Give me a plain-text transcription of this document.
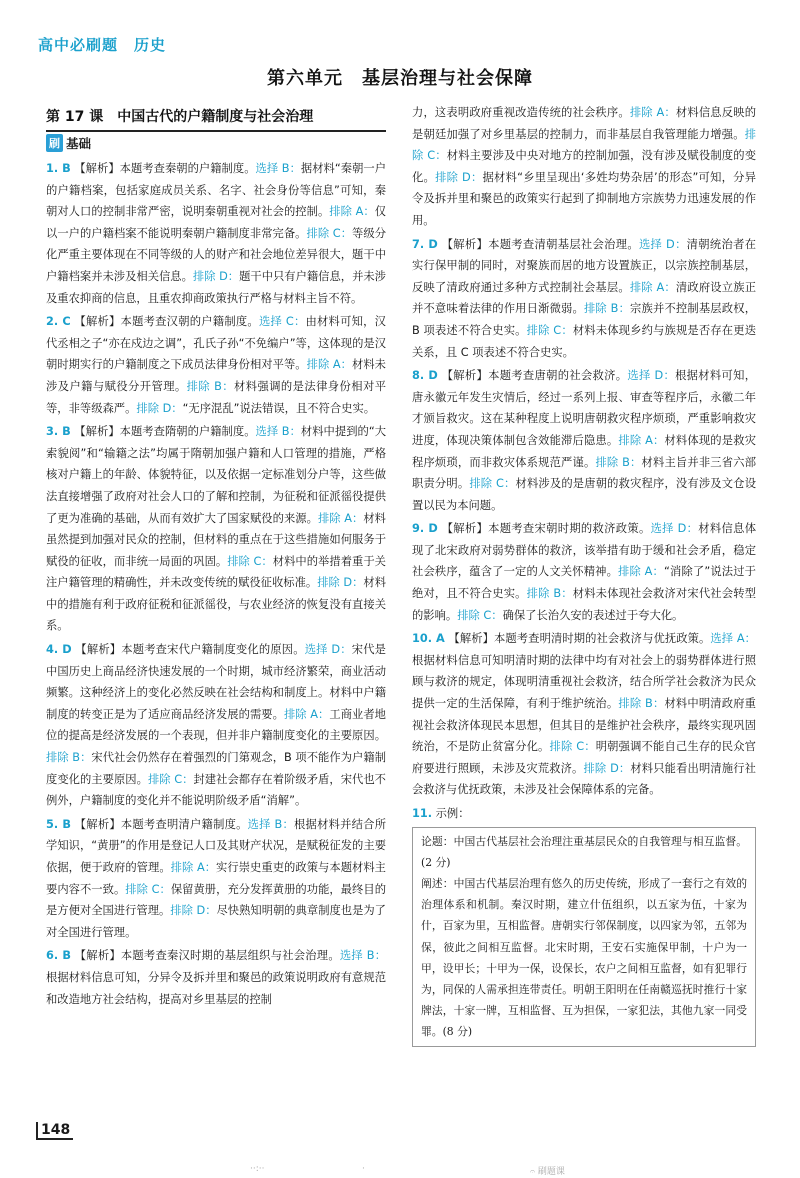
高中必刷题　历史
第六单元　基层治理与社会保障
第 17 课　中国古代的户籍制度与社会治理
刷 基础

1. B 【解析】本题考查秦朝的户籍制度。选择 B：据材料“秦朝一户的户籍档案，包括家庭成员关系、名字、社会身份等信息”可知，秦朝对人口的控制非常严密，说明秦朝重视对社会的控制。排除 A：仅以一户的户籍档案不能说明秦朝户籍制度非常完备。排除 C：等级分化严重主要体现在不同等级的人的财产和社会地位差异很大，题干中户籍档案并未涉及相关信息。排除 D：题干中只有户籍信息，并未涉及重农抑商的信息，且重农抑商政策执行严格与材料主旨不符。

2. C 【解析】本题考查汉朝的户籍制度。选择 C：由材料可知，汉代丞相之子“亦在戍边之调”，孔氏子孙“不免编户”等，这体现的是汉朝时期实行的户籍制度之下成员法律身份相对平等。排除 A：材料未涉及户籍与赋役分开管理。排除 B：材料强调的是法律身份相对平等，非等级森严。排除 D：“无序混乱”说法错误，且不符合史实。

3. B 【解析】本题考查隋朝的户籍制度。选择 B：材料中提到的“大索貌阅”和“输籍之法”均属于隋朝加强户籍和人口管理的措施，严格核对户籍上的年龄、体貌特征，以及依据一定标准划分户等，这些做法直接增强了政府对社会人口的了解和控制，为征税和征派徭役提供了更为准确的基础，从而有效扩大了国家赋役的来源。排除 A：材料虽然提到加强对民众的控制，但材料的重点在于这些措施如何服务于赋役的征收，而非统一局面的巩固。排除 C：材料中的举措着重于关注户籍管理的精确性，并未改变传统的赋役征收标准。排除 D：材料中的措施有利于政府征税和征派徭役，与农业经济的恢复没有直接关系。

4. D 【解析】本题考查宋代户籍制度变化的原因。选择 D：宋代是中国历史上商品经济快速发展的一个时期，城市经济繁荣，商业活动频繁。这种经济上的变化必然反映在社会结构和制度上。材料中户籍制度的转变正是为了适应商品经济发展的需要。排除 A：工商业者地位的提高是经济发展的一个表现，但并非户籍制度变化的主要原因。排除 B：宋代社会仍然存在着强烈的门第观念，B 项不能作为户籍制度变化的主要原因。排除 C：封建社会都存在着阶级矛盾，宋代也不例外，户籍制度的变化并不能说明阶级矛盾“消解”。

5. B 【解析】本题考查明清户籍制度。选择 B：根据材料并结合所学知识，“黄册”的作用是登记人口及其财产状况，是赋税征发的主要依据，便于政府的管理。排除 A：实行崇史重吏的政策与本题材料主要内容不一致。排除 C：保留黄册，充分发挥黄册的功能，最终目的是方便对全国进行管理。排除 D：尽快熟知明朝的典章制度也是为了对全国进行管理。

6. B 【解析】本题考查秦汉时期的基层组织与社会治理。选择 B：根据材料信息可知，分异令及拆并里和聚邑的政策说明政府有意规范和改造地方社会结构，提高对乡里基层的控制

力，这表明政府重视改造传统的社会秩序。排除 A：材料信息反映的是朝廷加强了对乡里基层的控制力，而非基层自我管理能力增强。排除 C：材料主要涉及中央对地方的控制加强，没有涉及赋役制度的变化。排除 D：据材料“乡里呈现出‘多姓均势杂居’的形态”可知，分异令及拆并里和聚邑的政策实行起到了抑制地方宗族势力迅速发展的作用。

7. D 【解析】本题考查清朝基层社会治理。选择 D：清朝统治者在实行保甲制的同时，对聚族而居的地方设置族正，以宗族控制基层，反映了清政府通过多种方式控制社会基层。排除 A：清政府设立族正并不意味着法律的作用日渐微弱。排除 B：宗族并不控制基层政权，B 项表述不符合史实。排除 C：材料未体现乡约与族规是否存在更迭关系，且 C 项表述不符合史实。

8. D 【解析】本题考查唐朝的社会救济。选择 D：根据材料可知，唐永徽元年发生灾情后，经过一系列上报、审查等程序后，永徽二年才颁旨救灾。这在某种程度上说明唐朝救灾程序烦琐，严重影响救灾进度，体现决策体制包含效能滞后隐患。排除 A：材料体现的是救灾程序烦琐，而非救灾体系规范严谨。排除 B：材料主旨并非三省六部职责分明。排除 C：材料涉及的是唐朝的救灾程序，没有涉及文仓设置以民为本问题。

9. D 【解析】本题考查宋朝时期的救济政策。选择 D：材料信息体现了北宋政府对弱势群体的救济，该举措有助于缓和社会矛盾，稳定社会秩序，蕴含了一定的人文关怀精神。排除 A：“消除了”说法过于绝对，且不符合史实。排除 B：材料未体现社会救济对宋代社会转型的影响。排除 C：确保了长治久安的表述过于夸大化。

10. A 【解析】本题考查明清时期的社会救济与优抚政策。选择 A：根据材料信息可知明清时期的法律中均有对社会上的弱势群体进行照顾与救济的规定，体现明清重视社会救济，结合所学社会救济为民众提供一定的生活保障，有利于维护统治。排除 B：材料中明清政府重视社会救济体现民本思想，但其目的是维护社会秩序，最终实现巩固统治，不是防止贫富分化。排除 C：明朝强调不能自己生存的民众官府要进行照顾，未涉及灾荒救济。排除 D：材料只能看出明清施行社会救济与优抚政策，未涉及社会保障体系的完备。

11. 示例：

论题：中国古代基层社会治理注重基层民众的自我管理与相互监督。(2 分)

阐述：中国古代基层治理有悠久的历史传统，形成了一套行之有效的治理体系和机制。秦汉时期，建立什伍组织，以五家为伍，十家为什，百家为里，互相监督。唐朝实行邻保制度，以四家为邻，五邻为保，彼此之间相互监督。北宋时期，王安石实施保甲制，十户为一甲，设甲长；十甲为一保，设保长，农户之间相互监督，如有犯罪行为，同保的人需承担连带责任。明朝王阳明在任南赣巡抚时推行十家牌法，十家一牌，互相监督、互为担保，一家犯法，其他九家一同受罪。(8 分)

148
··:··	·	𝄐 刷题课
